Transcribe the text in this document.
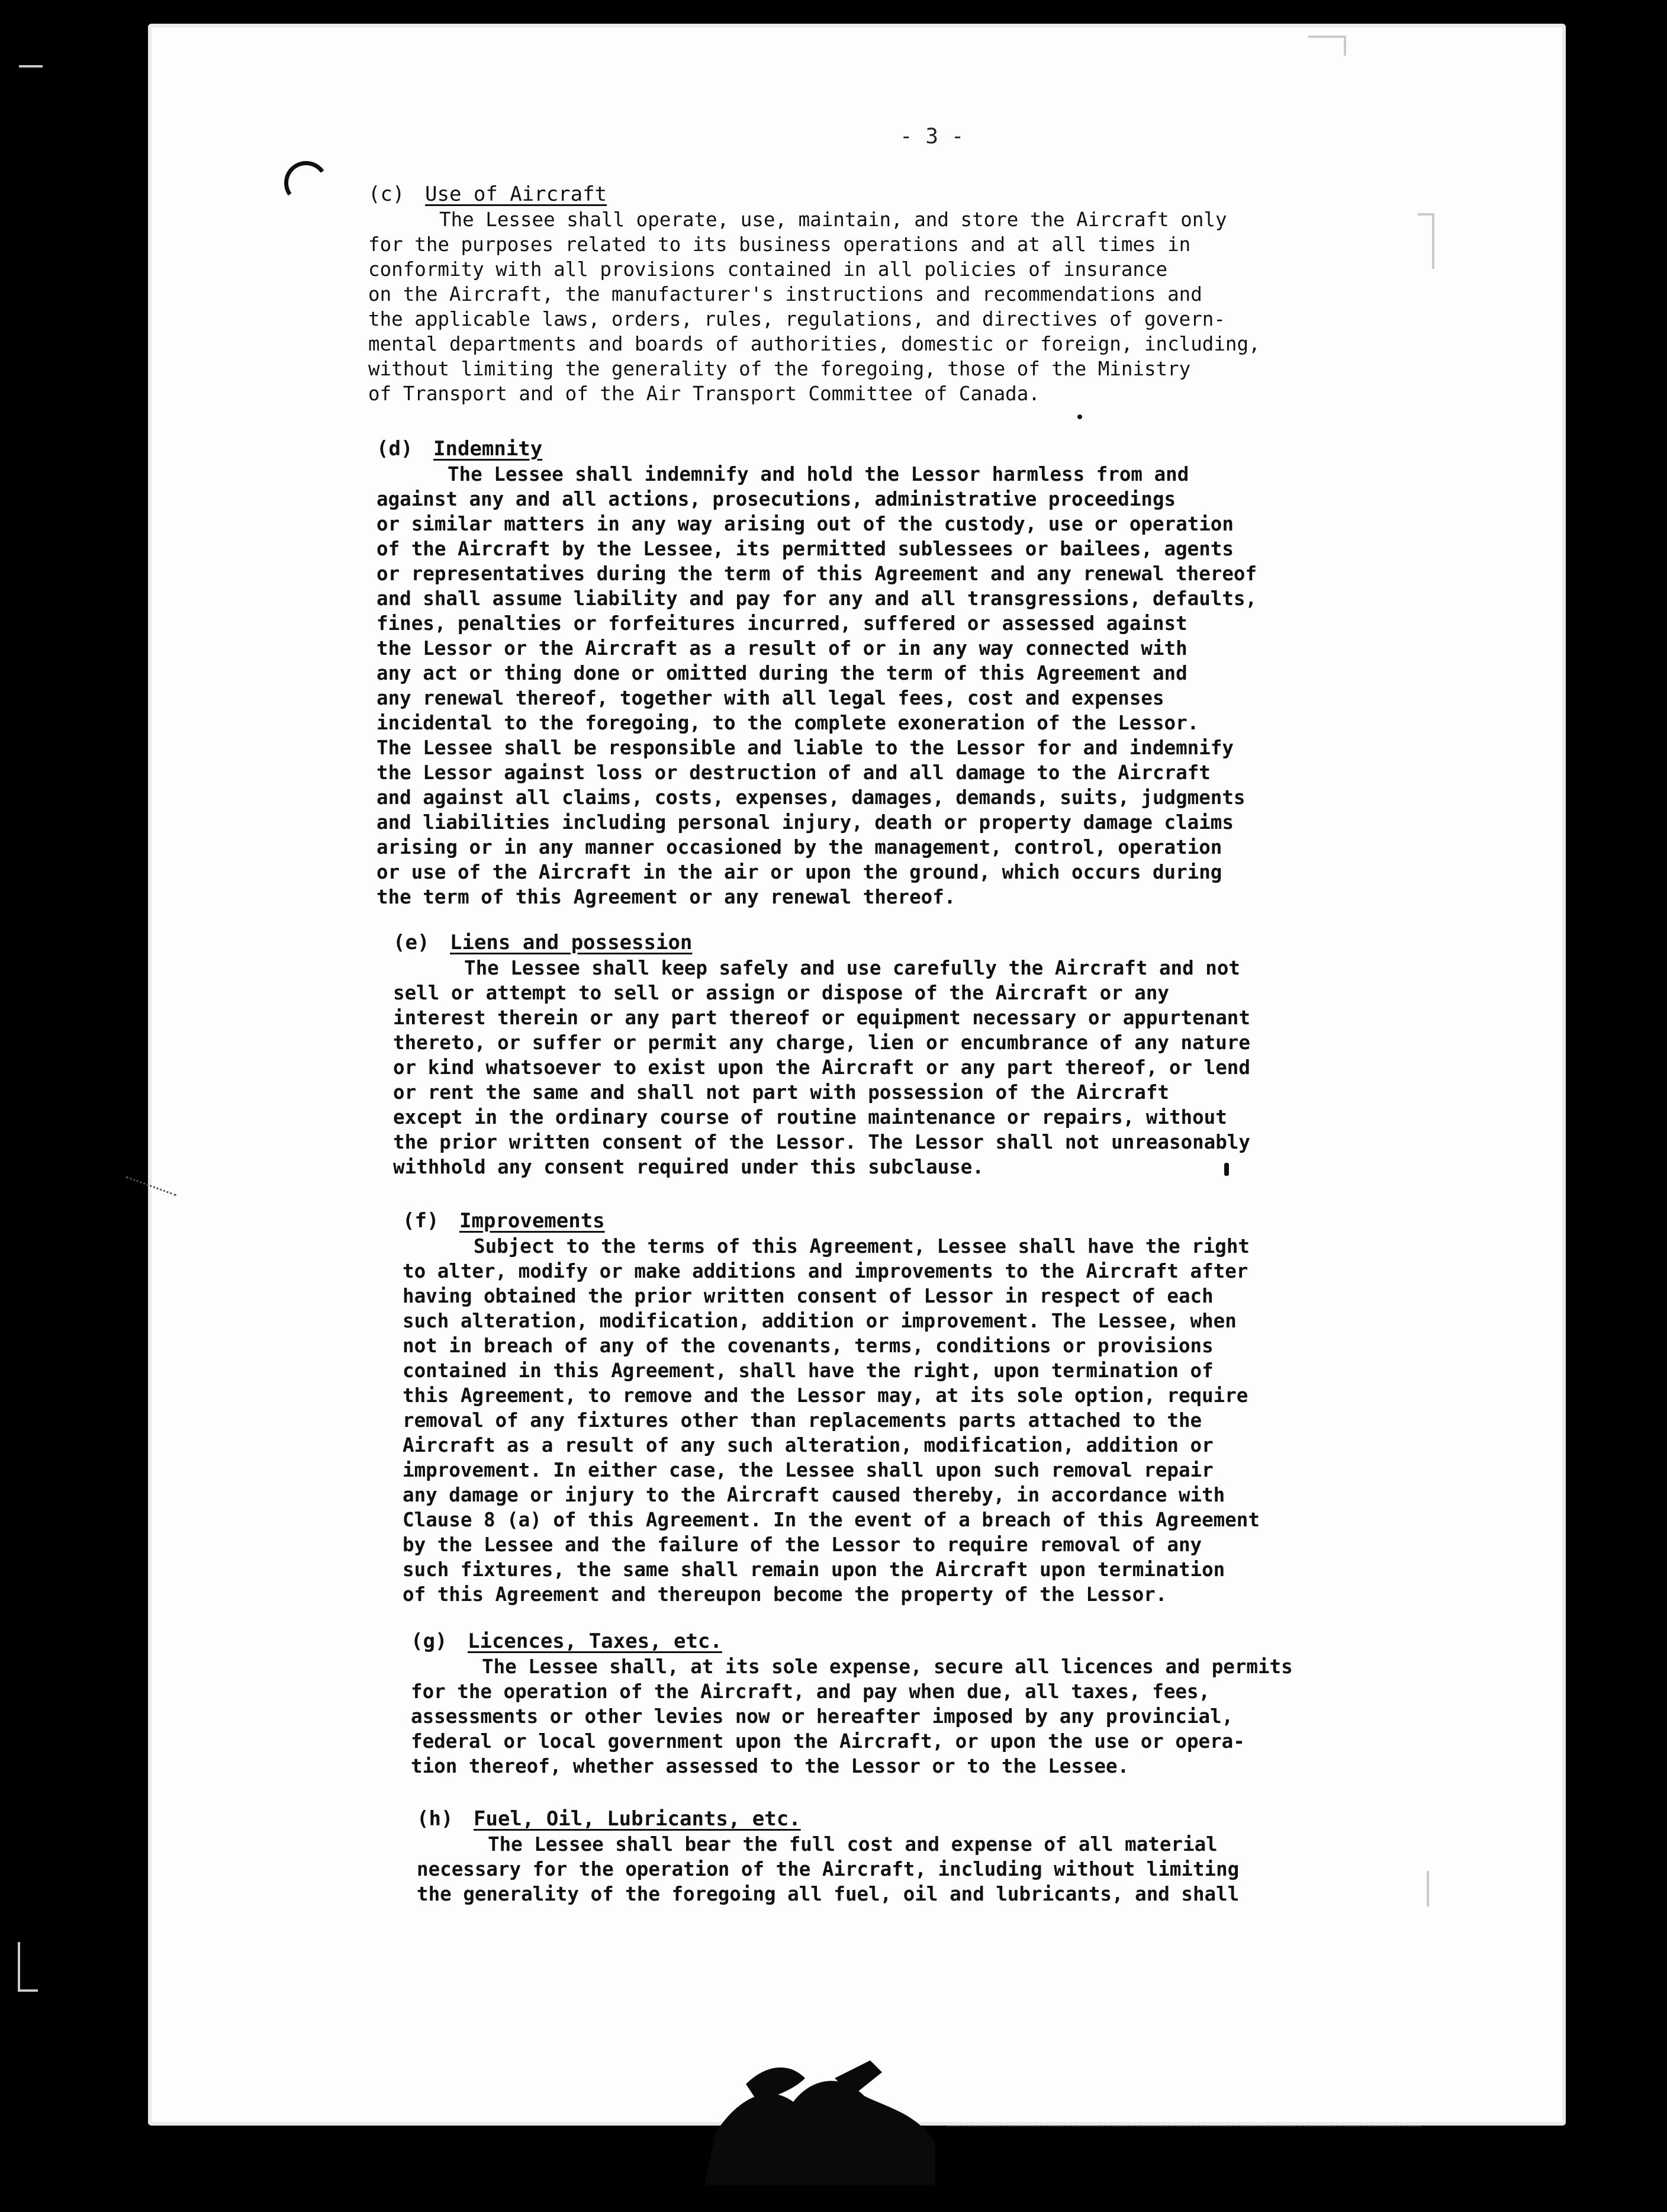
- 3 -
(c) Use of Aircraft
The Lessee shall operate, use, maintain, and store the Aircraft only
for the purposes related to its business operations and at all times in
conformity with all provisions contained in all policies of insurance
on the Aircraft, the manufacturer's instructions and recommendations and
the applicable laws, orders, rules, regulations, and directives of govern-
mental departments and boards of authorities, domestic or foreign, including,
without limiting the generality of the foregoing, those of the Ministry
of Transport and of the Air Transport Committee of Canada.
(d) Indemnity
The Lessee shall indemnify and hold the Lessor harmless from and
against any and all actions, prosecutions, administrative proceedings
or similar matters in any way arising out of the custody, use or operation
of the Aircraft by the Lessee, its permitted sublessees or bailees, agents
or representatives during the term of this Agreement and any renewal thereof
and shall assume liability and pay for any and all transgressions, defaults,
fines, penalties or forfeitures incurred, suffered or assessed against
the Lessor or the Aircraft as a result of or in any way connected with
any act or thing done or omitted during the term of this Agreement and
any renewal thereof, together with all legal fees, cost and expenses
incidental to the foregoing, to the complete exoneration of the Lessor.
The Lessee shall be responsible and liable to the Lessor for and indemnify
the Lessor against loss or destruction of and all damage to the Aircraft
and against all claims, costs, expenses, damages, demands, suits, judgments
and liabilities including personal injury, death or property damage claims
arising or in any manner occasioned by the management, control, operation
or use of the Aircraft in the air or upon the ground, which occurs during
the term of this Agreement or any renewal thereof.
(e) Liens and possession
The Lessee shall keep safely and use carefully the Aircraft and not
sell or attempt to sell or assign or dispose of the Aircraft or any
interest therein or any part thereof or equipment necessary or appurtenant
thereto, or suffer or permit any charge, lien or encumbrance of any nature
or kind whatsoever to exist upon the Aircraft or any part thereof, or lend
or rent the same and shall not part with possession of the Aircraft
except in the ordinary course of routine maintenance or repairs, without
the prior written consent of the Lessor. The Lessor shall not unreasonably
withhold any consent required under this subclause.
(f) Improvements
Subject to the terms of this Agreement, Lessee shall have the right
to alter, modify or make additions and improvements to the Aircraft after
having obtained the prior written consent of Lessor in respect of each
such alteration, modification, addition or improvement. The Lessee, when
not in breach of any of the covenants, terms, conditions or provisions
contained in this Agreement, shall have the right, upon termination of
this Agreement, to remove and the Lessor may, at its sole option, require
removal of any fixtures other than replacements parts attached to the
Aircraft as a result of any such alteration, modification, addition or
improvement. In either case, the Lessee shall upon such removal repair
any damage or injury to the Aircraft caused thereby, in accordance with
Clause 8 (a) of this Agreement. In the event of a breach of this Agreement
by the Lessee and the failure of the Lessor to require removal of any
such fixtures, the same shall remain upon the Aircraft upon termination
of this Agreement and thereupon become the property of the Lessor.
(g) Licences, Taxes, etc.
The Lessee shall, at its sole expense, secure all licences and permits
for the operation of the Aircraft, and pay when due, all taxes, fees,
assessments or other levies now or hereafter imposed by any provincial,
federal or local government upon the Aircraft, or upon the use or opera-
tion thereof, whether assessed to the Lessor or to the Lessee.
(h) Fuel, Oil, Lubricants, etc.
The Lessee shall bear the full cost and expense of all material
necessary for the operation of the Aircraft, including without limiting
the generality of the foregoing all fuel, oil and lubricants, and shall
